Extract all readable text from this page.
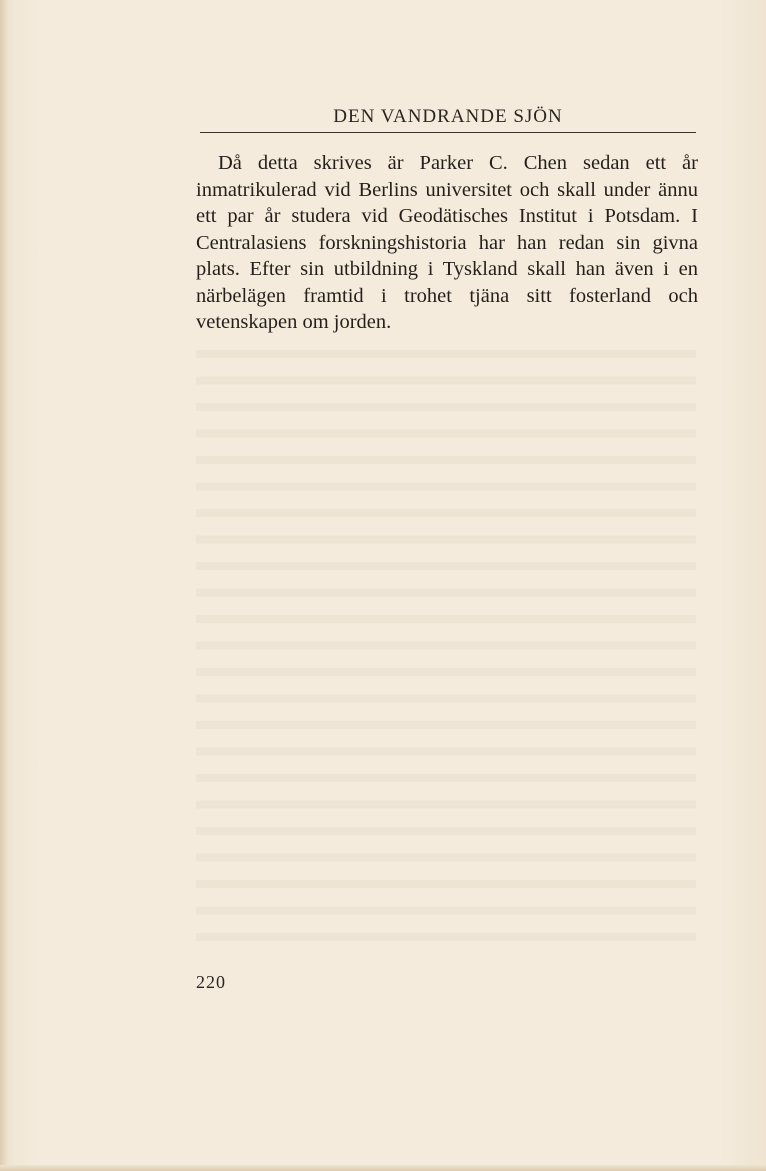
DEN VANDRANDE SJÖN

Då detta skrives är Parker C. Chen sedan ett år inmatrikulerad vid Berlins universitet och skall under ännu ett par år studera vid Geodätisches Institut i Potsdam. I Centralasiens forskningshistoria har han redan sin givna plats. Efter sin utbildning i Tyskland skall han även i en närbelägen framtid i trohet tjäna sitt fosterland och vetenskapen om jorden.

220
